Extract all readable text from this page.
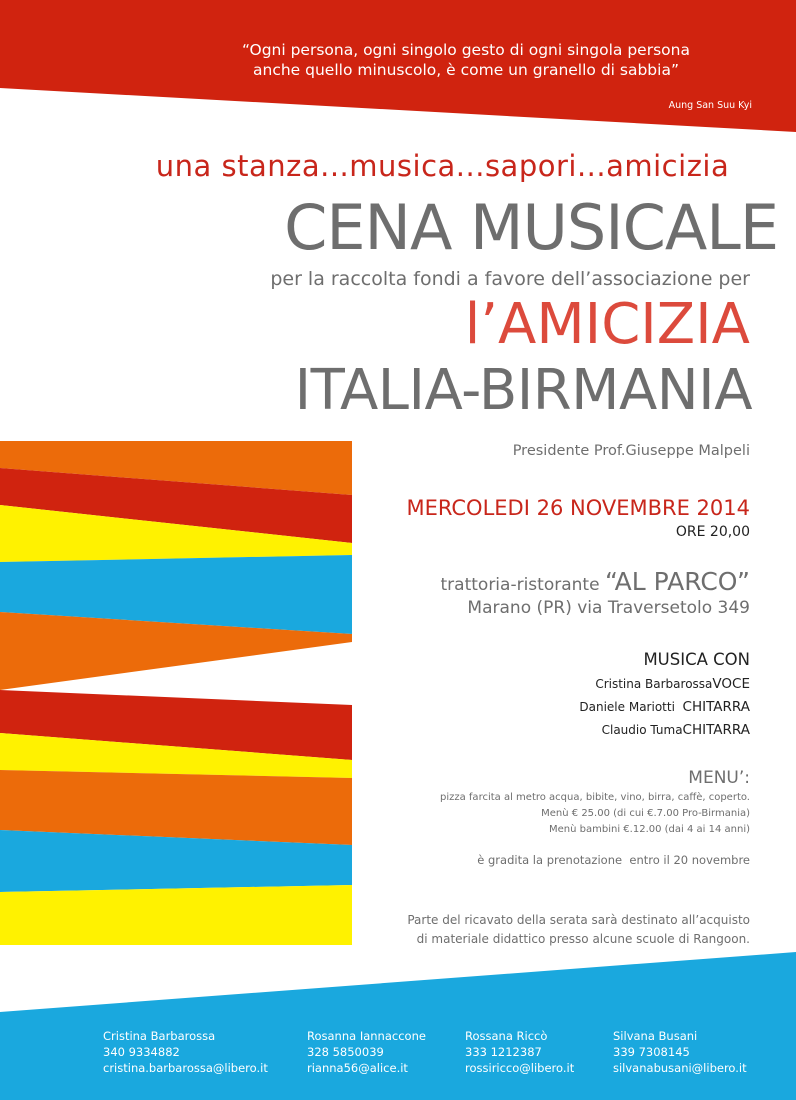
“Ogni persona, ogni singolo gesto di ogni singola persona
anche quello minuscolo, è come un granello di sabbia”
Aung San Suu Kyi
una stanza...musica...sapori...amicizia
CENA MUSICALE
per la raccolta fondi a favore dell’associazione per
l’AMICIZIA
ITALIA-BIRMANIA
Presidente Prof.Giuseppe Malpeli
MERCOLEDI 26 NOVEMBRE 2014
ORE 20,00
trattoria-ristorante “AL PARCO”
Marano (PR) via Traversetolo 349
MUSICA CON
Cristina BarbarossaVOCE
Daniele Mariotti CHITARRA
Claudio TumaCHITARRA
MENU’:
pizza farcita al metro acqua, bibite, vino, birra, caffè, coperto.
Menù € 25.00 (di cui €.7.00 Pro-Birmania)
Menù bambini €.12.00 (dai 4 ai 14 anni)
è gradita la prenotazione  entro il 20 novembre
Parte del ricavato della serata sarà destinato all’acquisto
di materiale didattico presso alcune scuole di Rangoon.
Cristina Barbarossa
340 9334882
cristina.barbarossa@libero.it
Rosanna Iannaccone
328 5850039
rianna56@alice.it
Rossana Riccò
333 1212387
rossiricco@libero.it
Silvana Busani
339 7308145
silvanabusani@libero.it
